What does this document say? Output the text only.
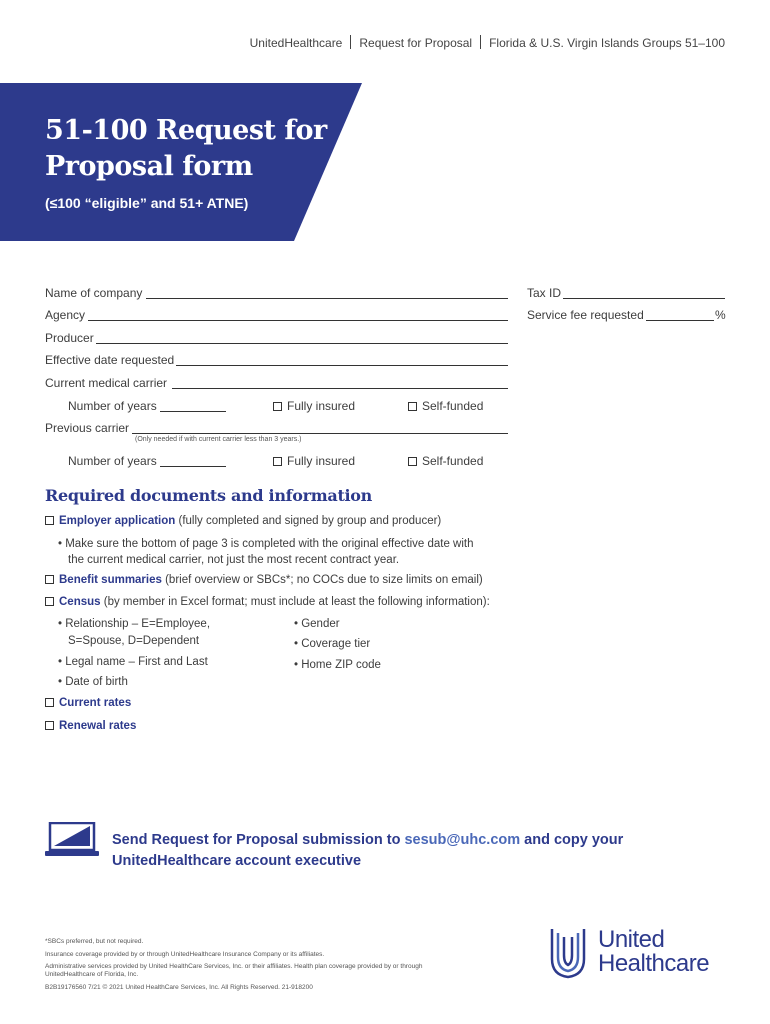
UnitedHealthcare Request for Proposal Florida & U.S. Virgin Islands Groups 51–100
51-100 Request for
Proposal form
(≤100 “eligible” and 51+ ATNE)
Name of company	Tax ID
Agency	Service fee requested	%
Producer
Effective date requested
Current medical carrier
Number of years	Fully insured	Self-funded
Previous carrier
(Only needed if with current carrier less than 3 years.)
Number of years	Fully insured	Self-funded
Required documents and information
Employer application (fully completed and signed by group and producer)
• Make sure the bottom of page 3 is completed with the original effective date with
the current medical carrier, not just the most recent contract year.
Benefit summaries (brief overview or SBCs*; no COCs due to size limits on email)
Census (by member in Excel format; must include at least the following information):
• Relationship – E=Employee,
S=Spouse, D=Dependent
• Legal name – First and Last
• Date of birth
• Gender
• Coverage tier
• Home ZIP code
Current rates
Renewal rates
Send Request for Proposal submission to sesub@uhc.com and copy your
UnitedHealthcare account executive
*SBCs preferred, but not required.
Insurance coverage provided by or through UnitedHealthcare Insurance Company or its affiliates.
Administrative services provided by United HealthCare Services, Inc. or their affiliates. Health plan coverage provided by or through
UnitedHealthcare of Florida, Inc.
B2B19176560 7/21 © 2021 United HealthCare Services, Inc. All Rights Reserved. 21-918200
United
Healthcare
